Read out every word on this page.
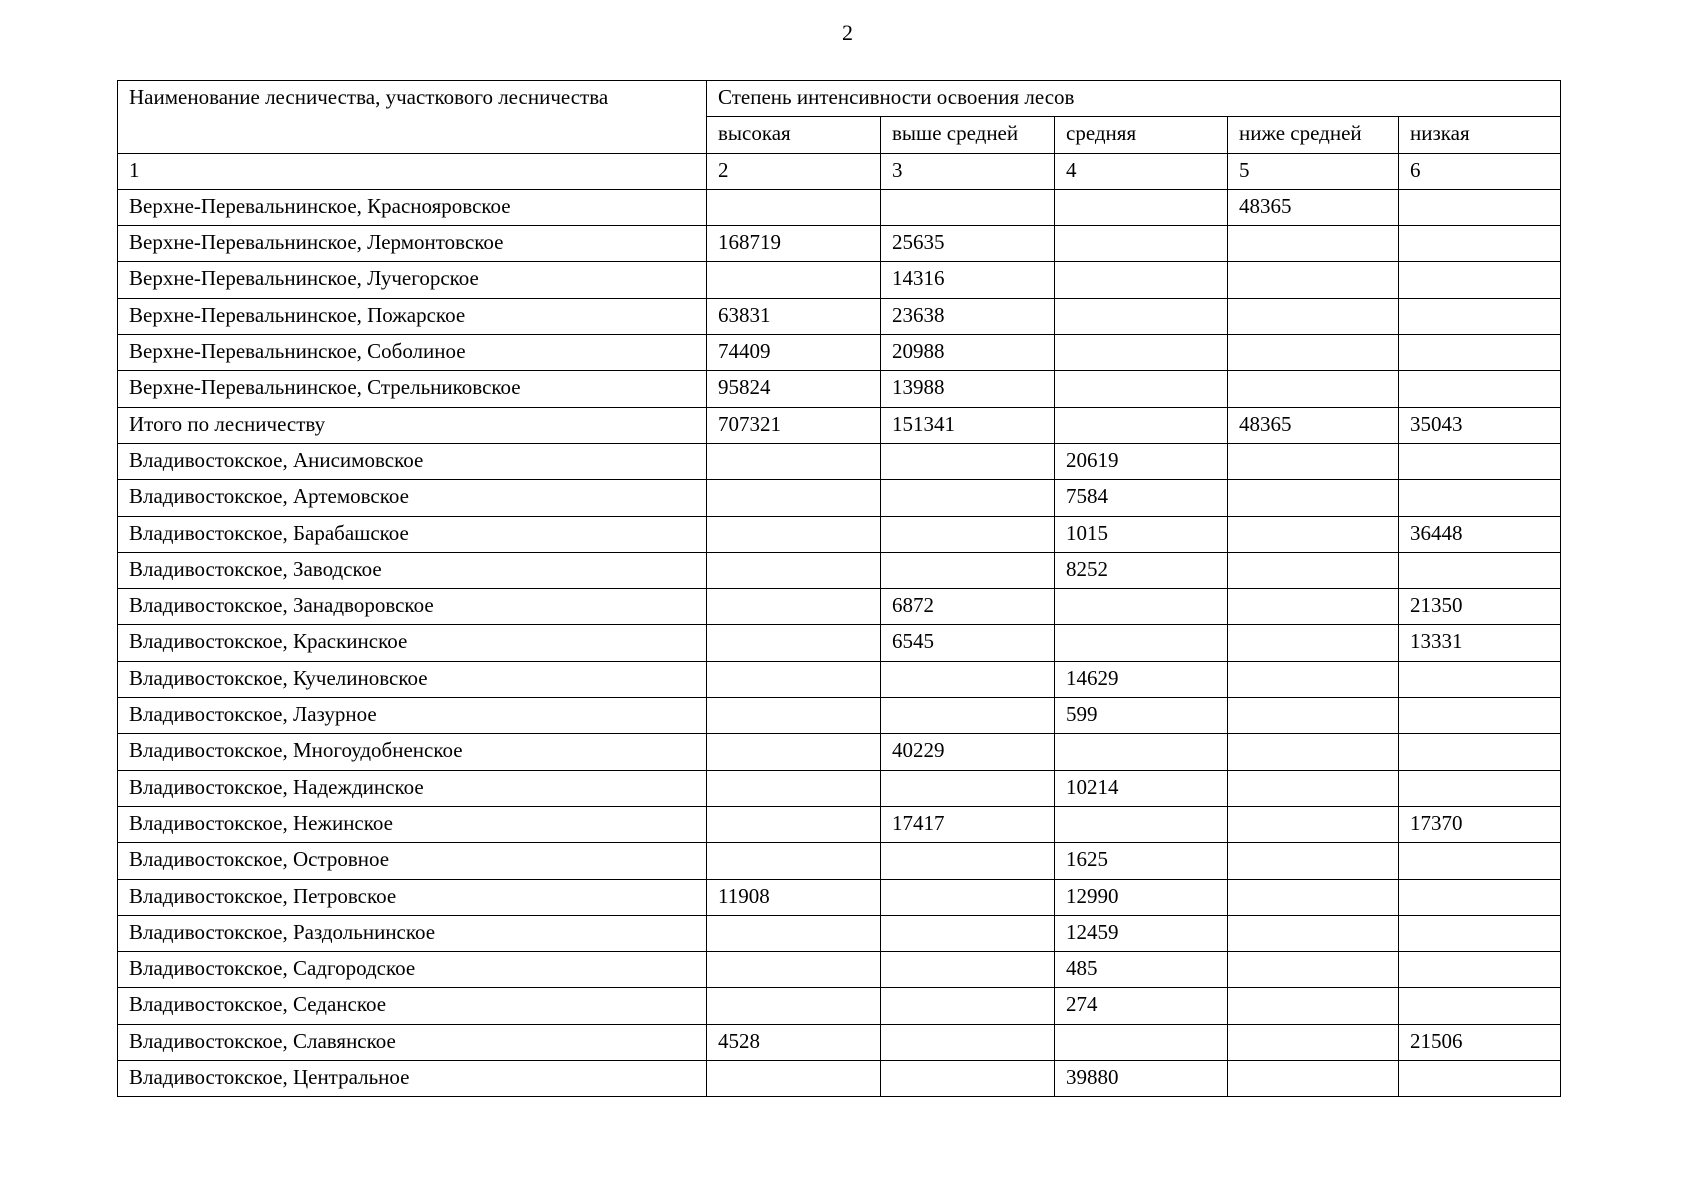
2
Наименование лесничества, участкового лесничества	Степень интенсивности освоения лесов				
	высокая	выше средней	средняя	ниже средней	низкая
1	2	3	4	5	6
Верхне-Перевальнинское, Краснояровское				48365	
Верхне-Перевальнинское, Лермонтовское	168719	25635			
Верхне-Перевальнинское, Лучегорское		14316			
Верхне-Перевальнинское, Пожарское	63831	23638			
Верхне-Перевальнинское, Соболиное	74409	20988			
Верхне-Перевальнинское, Стрельниковское	95824	13988			
Итого по лесничеству	707321	151341		48365	35043
Владивостокское, Анисимовское			20619		
Владивостокское, Артемовское			7584		
Владивостокское, Барабашское			1015		36448
Владивостокское, Заводское			8252		
Владивостокское, Занадворовское		6872			21350
Владивостокское, Краскинское		6545			13331
Владивостокское, Кучелиновское			14629		
Владивостокское, Лазурное			599		
Владивостокское, Многоудобненское		40229			
Владивостокское, Надеждинское			10214		
Владивостокское, Нежинское		17417			17370
Владивостокское, Островное			1625		
Владивостокское, Петровское	11908		12990		
Владивостокское, Раздольнинское			12459		
Владивостокское, Садгородское			485		
Владивостокское, Седанское			274		
Владивостокское, Славянское	4528				21506
Владивостокское, Центральное			39880		
